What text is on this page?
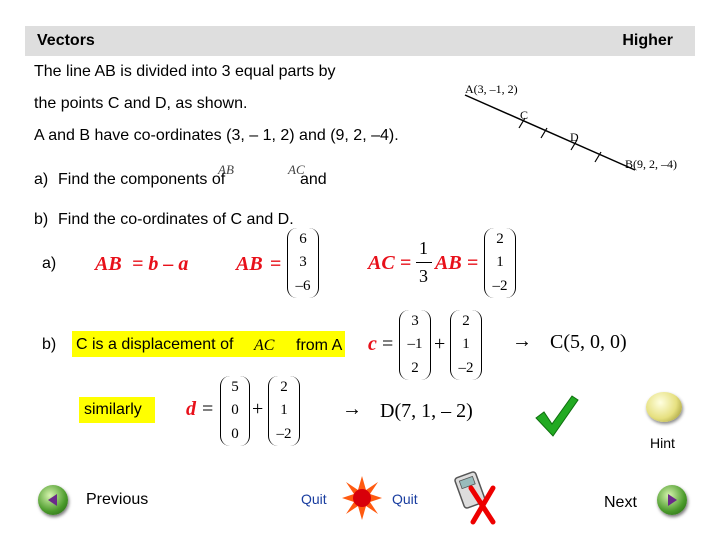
Vectors	Higher
The line AB is divided into 3 equal parts by
the points C and D, as shown.
A and B have co-ordinates (3, – 1, 2) and (9, 2, –4).
a) Find the components of
AB
and
AC
b) Find the co-ordinates of C and D.
A(3, –1, 2)
C
D
B(9, 2, –4)
a) AB = b – a AB =
6
3
–6
AC =
1
3
AB =
2
1
–2
b) C is a displacement of	AC from A c =
3
–1
2
+
2
1
–2
→ C(5, 0, 0)
similarly	d =
5
0
0
+
2
1
–2
→ D(7, 1, – 2)
Hint
Previous	Quit	Quit	Next
